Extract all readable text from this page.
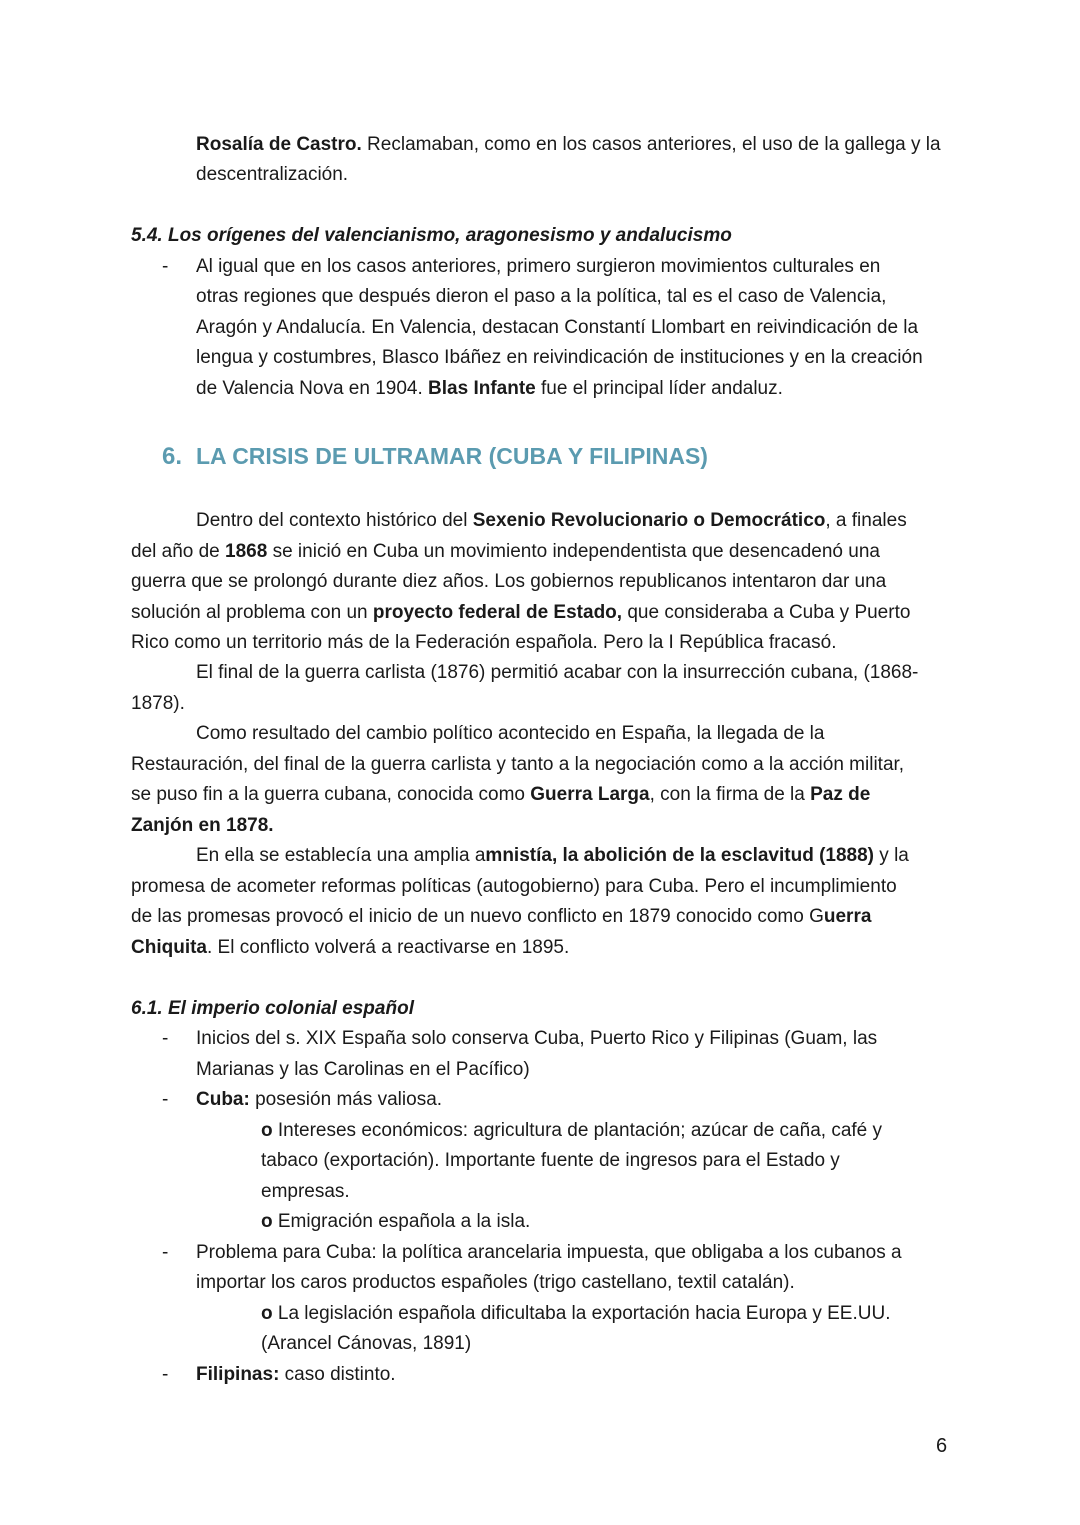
Rosalía de Castro. Reclamaban, como en los casos anteriores, el uso de la gallega y la
descentralización.
5.4. Los orígenes del valencianismo, aragonesismo y andalucismo
- Al igual que en los casos anteriores, primero surgieron movimientos culturales en
otras regiones que después dieron el paso a la política, tal es el caso de Valencia,
Aragón y Andalucía. En Valencia, destacan Constantí Llombart en reivindicación de la
lengua y costumbres, Blasco Ibáñez en reivindicación de instituciones y en la creación
de Valencia Nova en 1904. Blas Infante fue el principal líder andaluz.
6. LA CRISIS DE ULTRAMAR (CUBA Y FILIPINAS)
Dentro del contexto histórico del Sexenio Revolucionario o Democrático, a finales
del año de 1868 se inició en Cuba un movimiento independentista que desencadenó una
guerra que se prolongó durante diez años. Los gobiernos republicanos intentaron dar una
solución al problema con un proyecto federal de Estado, que consideraba a Cuba y Puerto
Rico como un territorio más de la Federación española. Pero la I República fracasó.
El final de la guerra carlista (1876) permitió acabar con la insurrección cubana, (1868-
1878).
Como resultado del cambio político acontecido en España, la llegada de la
Restauración, del final de la guerra carlista y tanto a la negociación como a la acción militar,
se puso fin a la guerra cubana, conocida como Guerra Larga, con la firma de la Paz de
Zanjón en 1878.
En ella se establecía una amplia amnistía, la abolición de la esclavitud (1888) y la
promesa de acometer reformas políticas (autogobierno) para Cuba. Pero el incumplimiento
de las promesas provocó el inicio de un nuevo conflicto en 1879 conocido como Guerra
Chiquita. El conflicto volverá a reactivarse en 1895.
6.1. El imperio colonial español
- Inicios del s. XIX España solo conserva Cuba, Puerto Rico y Filipinas (Guam, las
Marianas y las Carolinas en el Pacífico)
- Cuba: posesión más valiosa.
o Intereses económicos: agricultura de plantación; azúcar de caña, café y
tabaco (exportación). Importante fuente de ingresos para el Estado y
empresas.
o Emigración española a la isla.
- Problema para Cuba: la política arancelaria impuesta, que obligaba a los cubanos a
importar los caros productos españoles (trigo castellano, textil catalán).
o La legislación española dificultaba la exportación hacia Europa y EE.UU.
(Arancel Cánovas, 1891)
- Filipinas: caso distinto.
6
